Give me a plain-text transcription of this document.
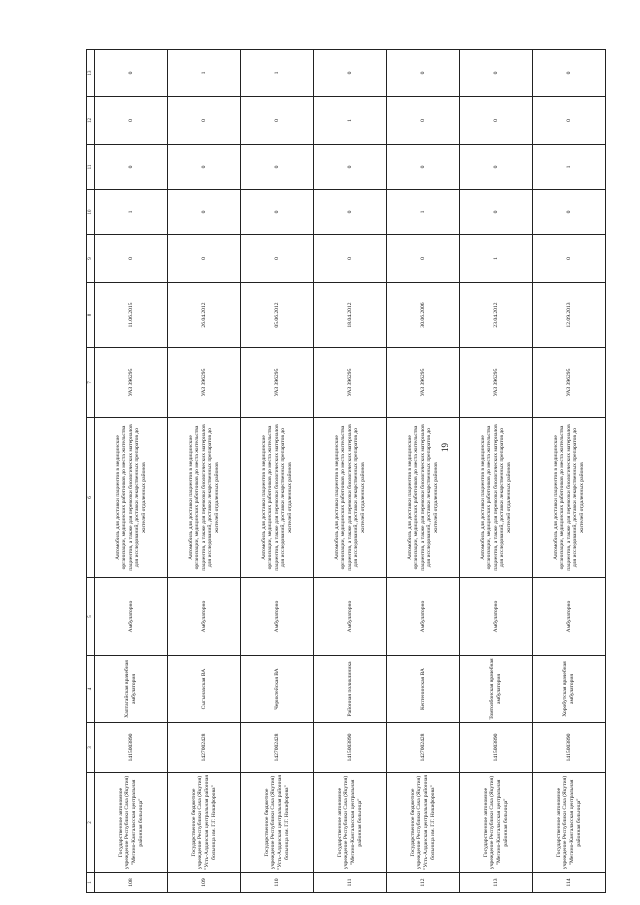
19
1	2	3	4	5	6	7	8	9	10	11	12	13
108	Государственное автономное учреждение Республики Саха (Якутия) "Мегино-Кангаласская центральная районная больница"	1415003890	Хаптагайская врачебная амбулатория	Амбулаторно	Автомобиль для доставки пациентов в медицинские организации, медицинских работников до места жительства пациентов, а также для перевозки биологических материалов для исследований, доставки лекарственных препаратов до жителей отдаленных районов	УАЗ 396295	11.06.2015	0	1	0	0	0
109	Государственное бюджетное учреждение Республики Саха (Якутия) "Усть-Алданская центральная районная больница им. Г.Г. Никифорова"	1427002428	Сыгынахская ВА	Амбулаторно	Автомобиль для доставки пациентов в медицинские организации, медицинских работников до места жительства пациентов, а также для перевозки биологических материалов для исследований, доставки лекарственных препаратов до жителей отдаленных районов	УАЗ 396295	26.04.2012	0	0	0	0	1
110	Государственное бюджетное учреждение Республики Саха (Якутия) "Усть-Алданская центральная районная больница им. Г.Г. Никифорова"	1427002428	Чериктейская ВА	Амбулаторно	Автомобиль для доставки пациентов в медицинские организации, медицинских работников до места жительства пациентов, а также для перевозки биологических материалов для исследований, доставки лекарственных препаратов до жителей отдаленных районов	УАЗ 396295	05.06.2012	0	0	0	0	1
111	Государственное автономное учреждение Республики Саха (Якутия) "Мегино-Кангаласская центральная районная больница"	1415003890	Районная поликлиника	Амбулаторно	Автомобиль для доставки пациентов в медицинские организации, медицинских работников до места жительства пациентов, а также для перевозки биологических материалов для исследований, доставки лекарственных препаратов до жителей отдаленных районов	УАЗ 396295	18.04.2012	0	0	0	1	0
112	Государственное бюджетное учреждение Республики Саха (Якутия) "Усть-Алданская центральная районная больница им. Г.Г. Никифорова"	1427002428	Кептенинская ВА	Амбулаторно	Автомобиль для доставки пациентов в медицинские организации, медицинских работников до места жительства пациентов, а также для перевозки биологических материалов для исследований, доставки лекарственных препаратов до жителей отдаленных районов	УАЗ 396295	30.06.2006	0	1	0	0	0
113	Государственное автономное учреждение Республики Саха (Якутия) "Мегино-Кангаласская центральная районная больница"	1415003890	Томтолбонская врачебная амбулатория	Амбулаторно	Автомобиль для доставки пациентов в медицинские организации, медицинских работников до места жительства пациентов, а также для перевозки биологических материалов для исследований, доставки лекарственных препаратов до жителей отдаленных районов	УАЗ 396295	23.04.2012	1	0	0	0	0
114	Государственное автономное учреждение Республики Саха (Якутия) "Мегино-Кангаласская центральная районная больница"	1415003890	Хоробутская врачебная амбулатория	Амбулаторно	Автомобиль для доставки пациентов в медицинские организации, медицинских работников до места жительства пациентов, а также для перевозки биологических материалов для исследований, доставки лекарственных препаратов до жителей отдаленных районов	УАЗ 396295	12.09.2013	0	0	1	0	0
